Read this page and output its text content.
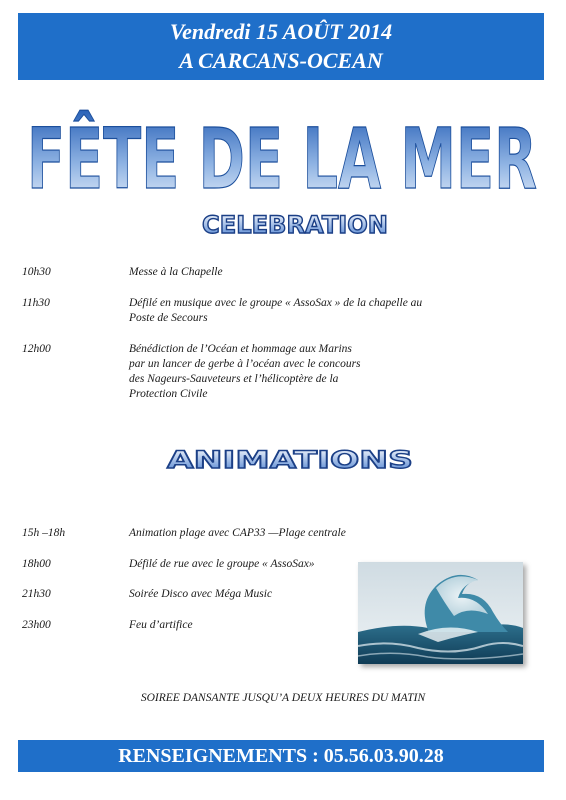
Vendredi 15 AOÛT 2014
A CARCANS-OCEAN
FÊTE DE LA MER
CELEBRATION
10h30	Messe à la Chapelle
11h30	Défilé en musique avec le groupe « AssoSax » de la chapelle au
Poste de Secours
12h00	Bénédiction de l’Océan et hommage aux Marins
par un lancer de gerbe à l’océan avec le concours
des Nageurs-Sauveteurs et l’hélicoptère de la
Protection Civile
ANIMATIONS
15h –18h	Animation plage avec CAP33 —Plage centrale
18h00	Défilé de rue avec le groupe « AssoSax»
21h30	Soirée Disco avec Méga Music
23h00	Feu d’artifice
SOIREE DANSANTE JUSQU’A DEUX HEURES DU MATIN
RENSEIGNEMENTS : 05.56.03.90.28
